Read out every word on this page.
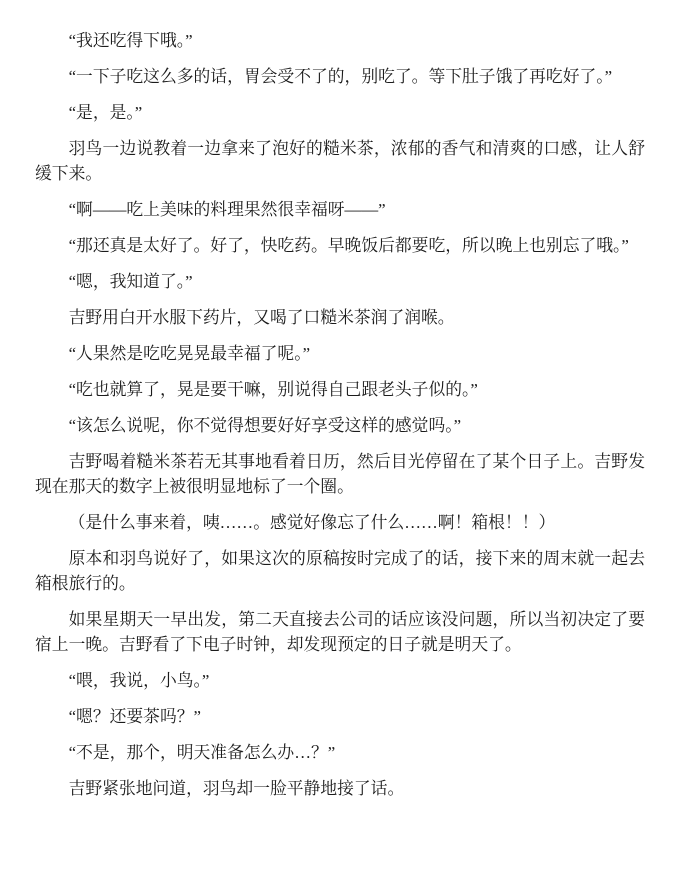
“我还吃得下哦。”

“一下子吃这么多的话，胃会受不了的，别吃了。等下肚子饿了再吃好了。”

“是，是。”

羽鸟一边说教着一边拿来了泡好的糙米茶，浓郁的香气和清爽的口感，让人舒缓下来。

“啊——吃上美味的料理果然很幸福呀——”

“那还真是太好了。好了，快吃药。早晚饭后都要吃，所以晚上也别忘了哦。”

“嗯，我知道了。”

吉野用白开水服下药片，又喝了口糙米茶润了润喉。

“人果然是吃吃晃晃最幸福了呢。”

“吃也就算了，晃是要干嘛，别说得自己跟老头子似的。”

“该怎么说呢，你不觉得想要好好享受这样的感觉吗。”

吉野喝着糙米茶若无其事地看着日历，然后目光停留在了某个日子上。吉野发现在那天的数字上被很明显地标了一个圈。

（是什么事来着，咦……。感觉好像忘了什么……啊！箱根！！）

原本和羽鸟说好了，如果这次的原稿按时完成了的话，接下来的周末就一起去箱根旅行的。

如果星期天一早出发，第二天直接去公司的话应该没问题，所以当初决定了要宿上一晚。吉野看了下电子时钟，却发现预定的日子就是明天了。

“喂，我说，小鸟。”

“嗯？还要茶吗？”

“不是，那个，明天准备怎么办…？”

吉野紧张地问道，羽鸟却一脸平静地接了话。
